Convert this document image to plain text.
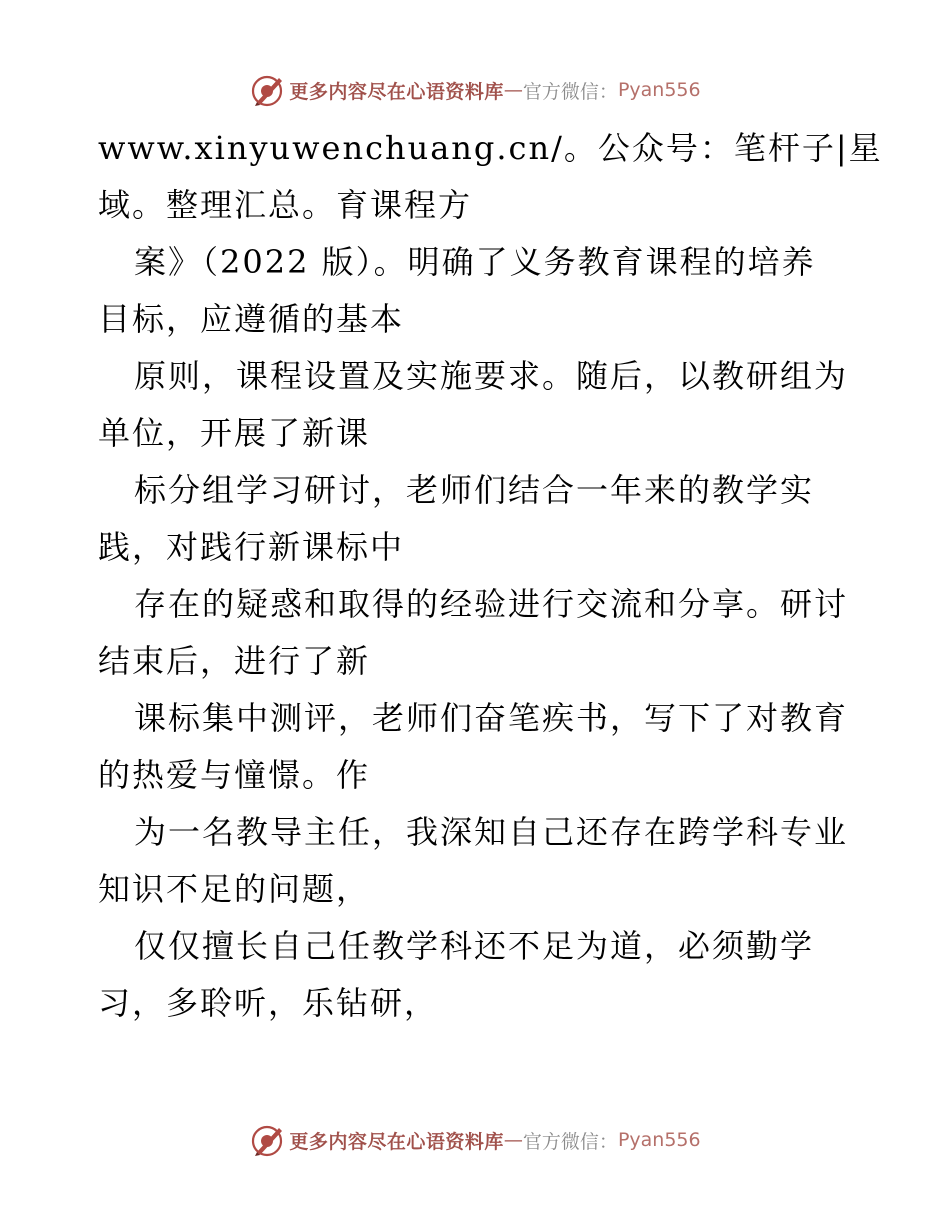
更多内容尽在心语资料库 — 官方微信： Pyan556
www.xinyuwenchuang.cn/。公众号：笔杆子|星
域。整理汇总。育课程方
案》（2022 版）。明确了义务教育课程的培养
目标，应遵循的基本
原则，课程设置及实施要求。随后，以教研组为
单位，开展了新课
标分组学习研讨，老师们结合一年来的教学实
践，对践行新课标中
存在的疑惑和取得的经验进行交流和分享。研讨
结束后，进行了新
课标集中测评，老师们奋笔疾书，写下了对教育
的热爱与憧憬。作
为一名教导主任，我深知自己还存在跨学科专业
知识不足的问题，
仅仅擅长自己任教学科还不足为道，必须勤学
习，多聆听，乐钻研，
更多内容尽在心语资料库 — 官方微信： Pyan556
